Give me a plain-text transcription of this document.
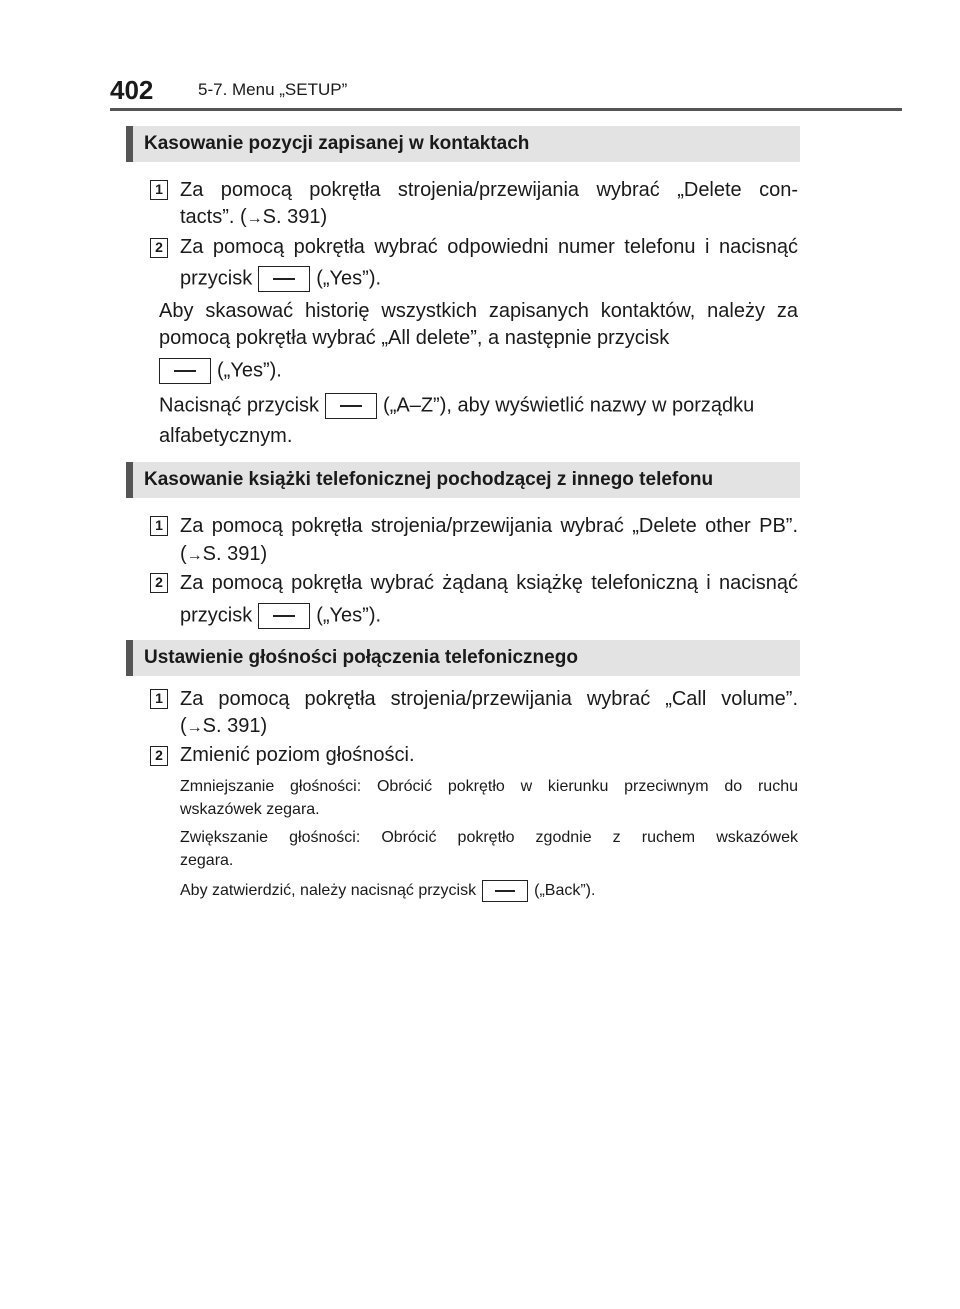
402	5-7. Menu „SETUP”
Kasowanie pozycji zapisanej w kontaktach
1 Za pomocą pokrętła strojenia/przewijania wybrać „Delete con-
tacts”. (→S. 391)
2 Za pomocą pokrętła wybrać odpowiedni numer telefonu i nacisnąć
przycisk	(„Yes”).
Aby skasować historię wszystkich zapisanych kontaktów, należy za
pomocą pokrętła wybrać „All delete”, a następnie przycisk
(„Yes”).
Nacisnąć przycisk	(„A–Z”), aby wyświetlić nazwy w porządku
alfabetycznym.
Kasowanie książki telefonicznej pochodzącej z innego telefonu
1 Za pomocą pokrętła strojenia/przewijania wybrać „Delete other PB”.
(→S. 391)
2 Za pomocą pokrętła wybrać żądaną książkę telefoniczną i nacisnąć
przycisk	(„Yes”).
Ustawienie głośności połączenia telefonicznego
1 Za pomocą pokrętła strojenia/przewijania wybrać „Call volume”.
(→S. 391)
2 Zmienić poziom głośności.
Zmniejszanie głośności: Obrócić pokrętło w kierunku przeciwnym do ruchu
wskazówek zegara.
Zwiększanie głośności: Obrócić pokrętło zgodnie z ruchem wskazówek
zegara.
Aby zatwierdzić, należy nacisnąć przycisk	(„Back”).
